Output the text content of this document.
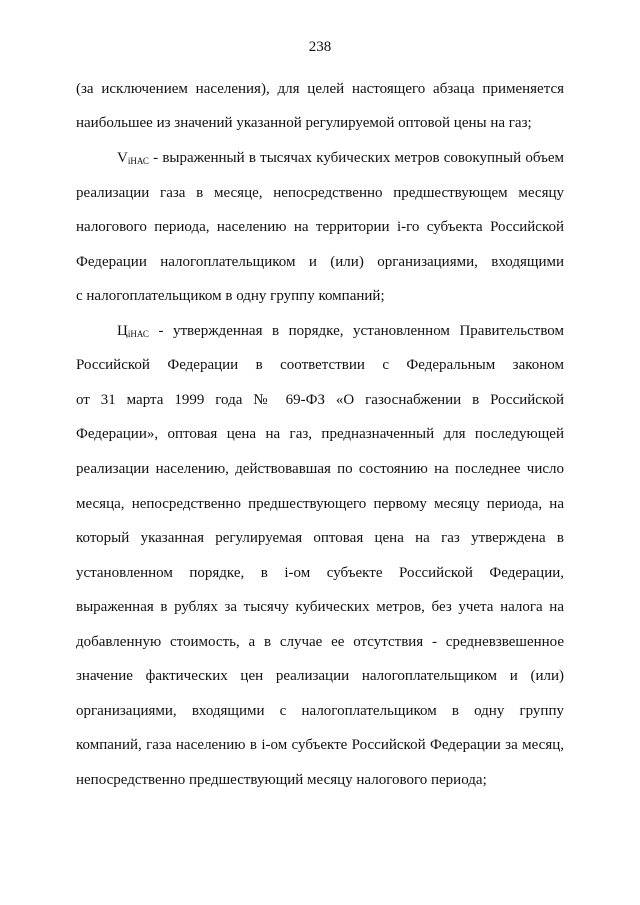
238
(за исключением населения), для целей настоящего абзаца применяется
наибольшее из значений указанной регулируемой оптовой цены на газ;
$V_{iНАС}$ - выраженный в тысячах кубических метров совокупный объем
реализации газа в месяце, непосредственно предшествующем месяцу
налогового периода, населению на территории i-го субъекта Российской
Федерации налогоплательщиком и (или) организациями, входящими
с налогоплательщиком в одну группу компаний;
$Ц_{iНАС}$ - утвержденная в порядке, установленном Правительством
Российской Федерации в соответствии с Федеральным законом
от 31 марта 1999 года № 69-ФЗ «О газоснабжении в Российской
Федерации», оптовая цена на газ, предназначенный для последующей
реализации населению, действовавшая по состоянию на последнее число
месяца, непосредственно предшествующего первому месяцу периода, на
который указанная регулируемая оптовая цена на газ утверждена в
установленном порядке, в i-ом субъекте Российской Федерации,
выраженная в рублях за тысячу кубических метров, без учета налога на
добавленную стоимость, а в случае ее отсутствия - средневзвешенное
значение фактических цен реализации налогоплательщиком и (или)
организациями, входящими с налогоплательщиком в одну группу
компаний, газа населению в i-ом субъекте Российской Федерации за месяц,
непосредственно предшествующий месяцу налогового периода;
